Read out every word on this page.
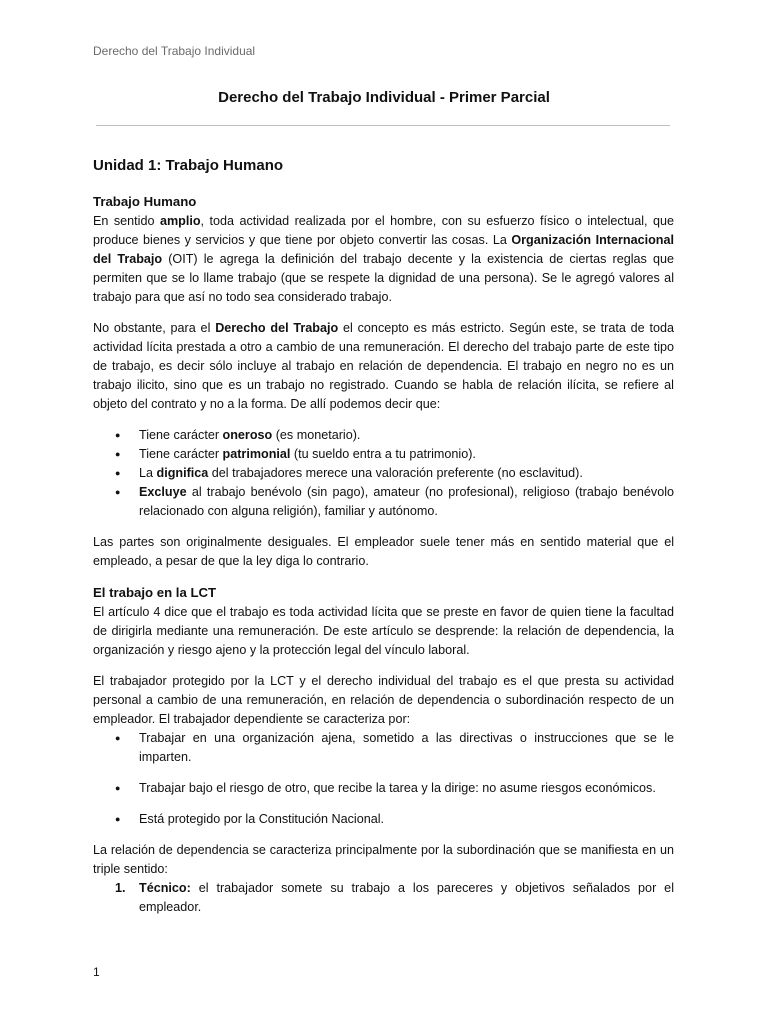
Derecho del Trabajo Individual
Derecho del Trabajo Individual - Primer Parcial
Unidad 1: Trabajo Humano
Trabajo Humano

En sentido amplio, toda actividad realizada por el hombre, con su esfuerzo físico o intelectual, que produce bienes y servicios y que tiene por objeto convertir las cosas. La Organización Internacional del Trabajo (OIT) le agrega la definición del trabajo decente y la existencia de ciertas reglas que permiten que se lo llame trabajo (que se respete la dignidad de una persona). Se le agregó valores al trabajo para que así no todo sea considerado trabajo.

No obstante, para el Derecho del Trabajo el concepto es más estricto. Según este, se trata de toda actividad lícita prestada a otro a cambio de una remuneración. El derecho del trabajo parte de este tipo de trabajo, es decir sólo incluye al trabajo en relación de dependencia. El trabajo en negro no es un trabajo ilicito, sino que es un trabajo no registrado. Cuando se habla de relación ilícita, se refiere al objeto del contrato y no a la forma. De allí podemos decir que:

● Tiene carácter oneroso (es monetario).
● Tiene carácter patrimonial (tu sueldo entra a tu patrimonio).
● La dignifica del trabajadores merece una valoración preferente (no esclavitud).
● Excluye al trabajo benévolo (sin pago), amateur (no profesional), religioso (trabajo benévolo relacionado con alguna religión), familiar y autónomo.

Las partes son originalmente desiguales. El empleador suele tener más en sentido material que el empleado, a pesar de que la ley diga lo contrario.

El trabajo en la LCT

El artículo 4 dice que el trabajo es toda actividad lícita que se preste en favor de quien tiene la facultad de dirigirla mediante una remuneración. De este artículo se desprende: la relación de dependencia, la organización y riesgo ajeno y la protección legal del vínculo laboral.

El trabajador protegido por la LCT y el derecho individual del trabajo es el que presta su actividad personal a cambio de una remuneración, en relación de dependencia o subordinación respecto de un empleador. El trabajador dependiente se caracteriza por:

● Trabajar en una organización ajena, sometido a las directivas o instrucciones que se le imparten.
● Trabajar bajo el riesgo de otro, que recibe la tarea y la dirige: no asume riesgos económicos.
● Está protegido por la Constitución Nacional.

La relación de dependencia se caracteriza principalmente por la subordinación que se manifiesta en un triple sentido:

1. Técnico: el trabajador somete su trabajo a los pareceres y objetivos señalados por el empleador.
1
